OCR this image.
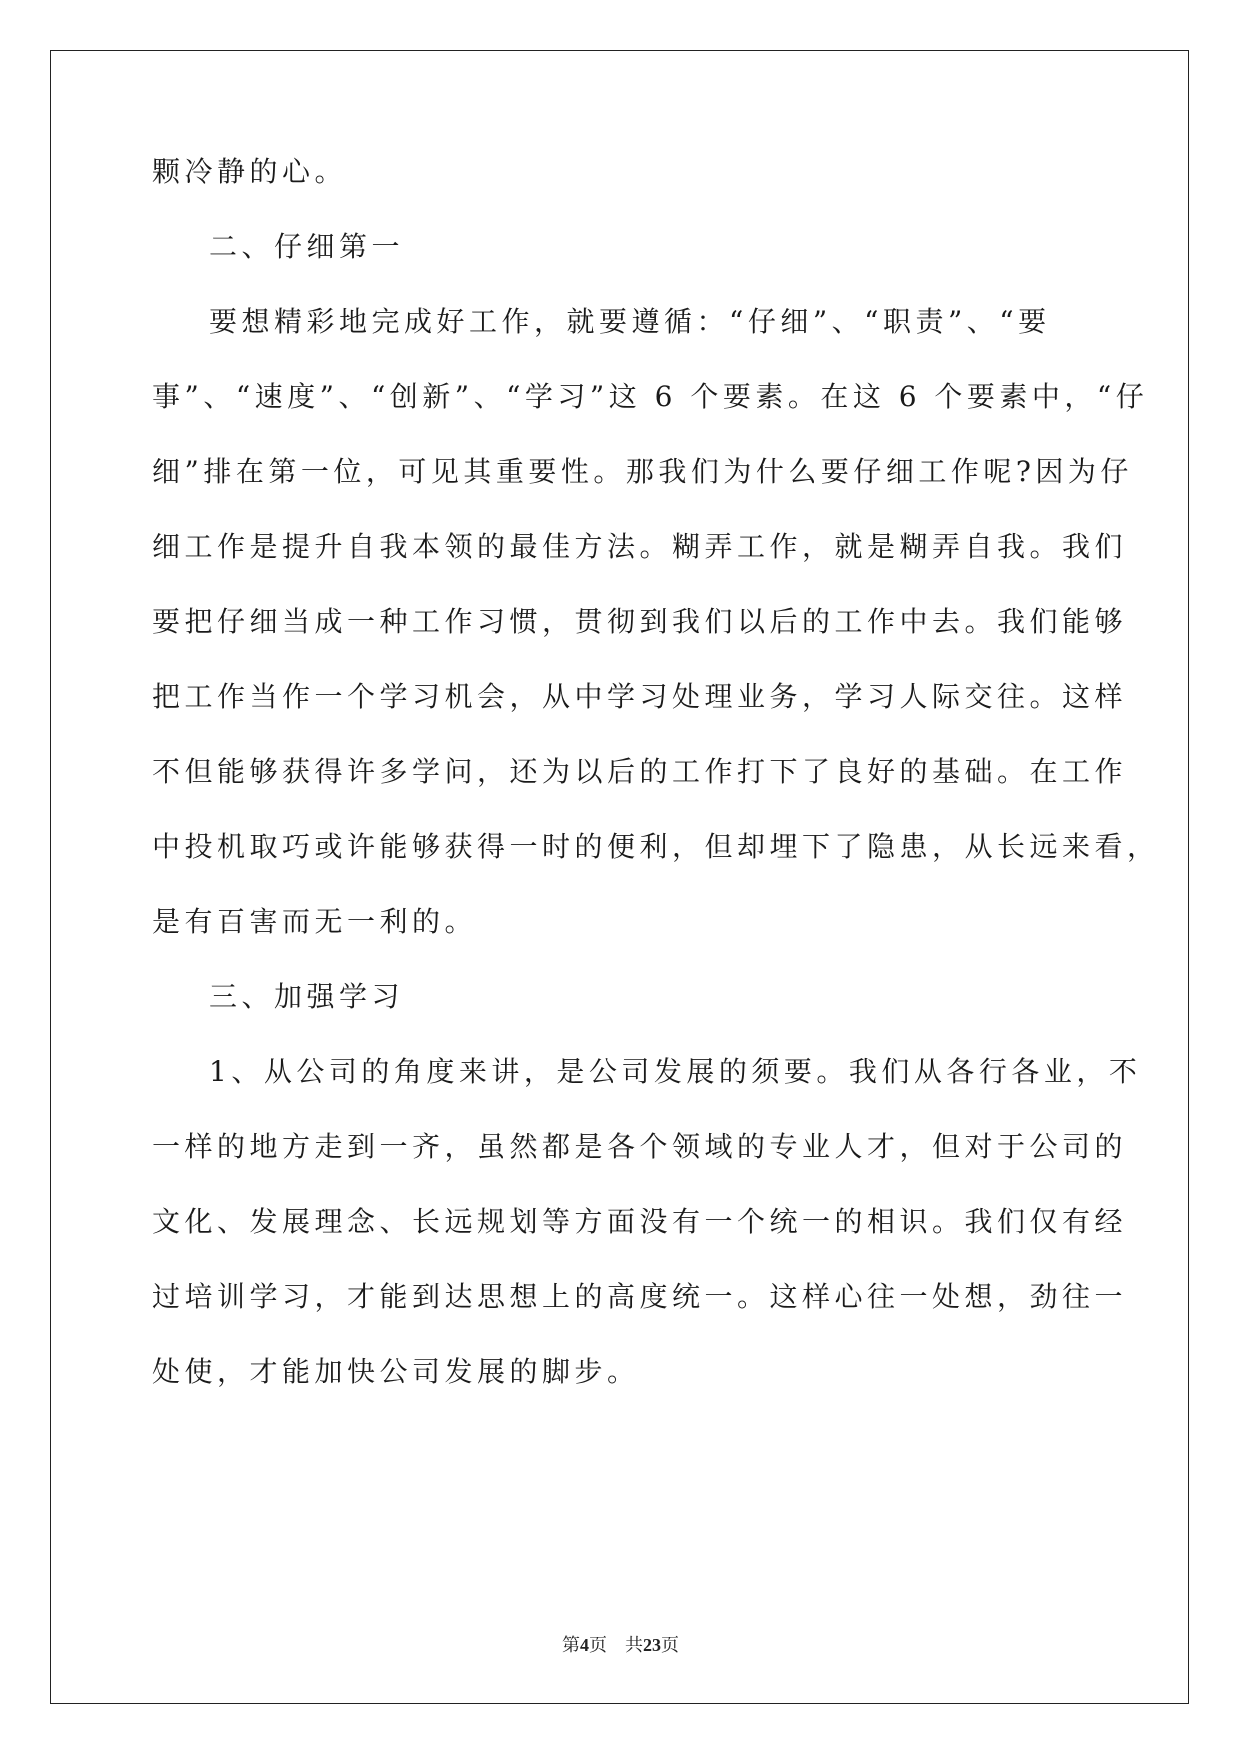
颗冷静的心。
二、仔细第一
要想精彩地完成好工作，就要遵循：“仔细”、“职责”、“要
事”、“速度”、“创新”、“学习”这 6 个要素。在这 6 个要素中，“仔
细”排在第一位，可见其重要性。那我们为什么要仔细工作呢?因为仔
细工作是提升自我本领的最佳方法。糊弄工作，就是糊弄自我。我们
要把仔细当成一种工作习惯，贯彻到我们以后的工作中去。我们能够
把工作当作一个学习机会，从中学习处理业务，学习人际交往。这样
不但能够获得许多学问，还为以后的工作打下了良好的基础。在工作
中投机取巧或许能够获得一时的便利，但却埋下了隐患，从长远来看，
是有百害而无一利的。
三、加强学习
1、从公司的角度来讲，是公司发展的须要。我们从各行各业，不
一样的地方走到一齐，虽然都是各个领域的专业人才，但对于公司的
文化、发展理念、长远规划等方面没有一个统一的相识。我们仅有经
过培训学习，才能到达思想上的高度统一。这样心往一处想，劲往一
处使，才能加快公司发展的脚步。
第4页　共23页
